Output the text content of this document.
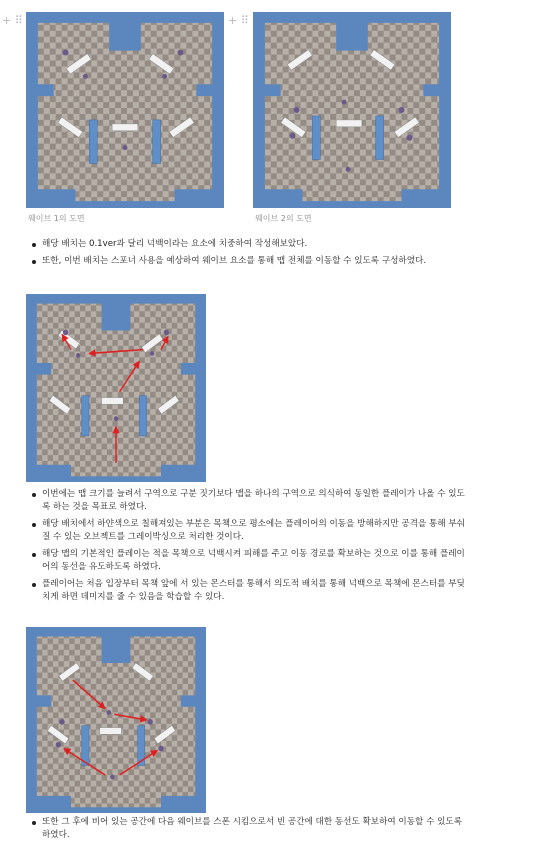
+ ⠿	+ ⠿
웨이브 1의 도면	웨이브 2의 도면
해당 배치는 0.1ver과 달리 넉백이라는 요소에 치중하여 작성해보았다.
또한, 이번 배치는 스포너 사용을 예상하여 웨이브 요소를 통해 맵 전체를 이동할 수 있도록 구성하였다.
이번에는 맵 크기를 늘려서 구역으로 구분 짓기보다 맵을 하나의 구역으로 의식하여 동일한 플레이가 나올 수 있도록 하는 것을 목표로 하였다.
해당 배치에서 하얀색으로 칠해져있는 부분은 목책으로 평소에는 플레이어의 이동을 방해하지만 공격을 통해 부숴질 수 있는 오브젝트를 그레이박싱으로 처리한 것이다.
해당 맵의 기본적인 플레이는 적을 목책으로 넉백시켜 피해를 주고 이동 경로를 확보하는 것으로 이를 통해 플레이어의 동선을 유도하도록 하였다.
플레이어는 처음 입장부터 목책 앞에 서 있는 몬스터를 통해서 의도적 배치를 통해 넉백으로 목책에 몬스터를 부딪치게 하면 데미지를 줄 수 있음을 학습할 수 있다.
또한 그 후에 비어 있는 공간에 다음 웨이브를 스폰 시킴으로서 빈 공간에 대한 동선도 확보하여 이동할 수 있도록하였다.
